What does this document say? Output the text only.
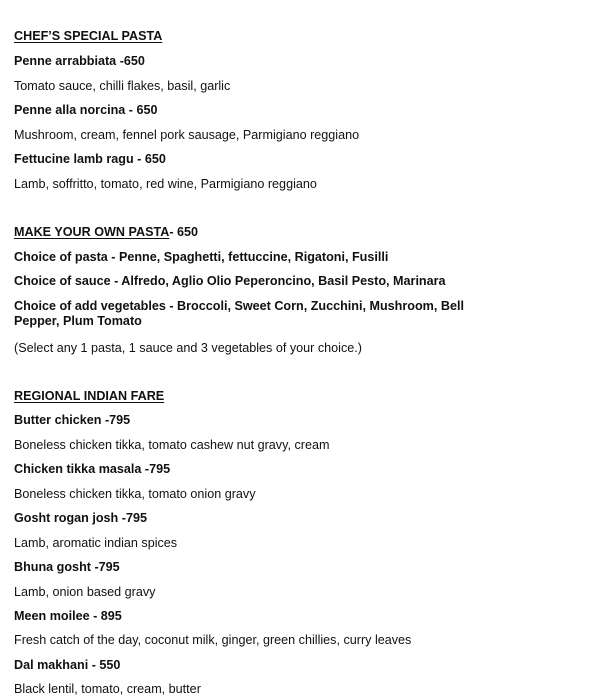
CHEF’S SPECIAL PASTA
Penne arrabbiata -650
Tomato sauce, chilli flakes, basil, garlic
Penne alla norcina - 650
Mushroom, cream, fennel pork sausage, Parmigiano reggiano
Fettucine lamb ragu - 650
Lamb, soffritto, tomato, red wine, Parmigiano reggiano
MAKE YOUR OWN PASTA- 650
Choice of pasta - Penne, Spaghetti, fettuccine, Rigatoni, Fusilli
Choice of sauce - Alfredo, Aglio Olio Peperoncino, Basil Pesto, Marinara
Choice of add vegetables - Broccoli, Sweet Corn, Zucchini, Mushroom, Bell Pepper, Plum Tomato
(Select any 1 pasta, 1 sauce and 3 vegetables of your choice.)
REGIONAL INDIAN FARE
Butter chicken -795
Boneless chicken tikka, tomato cashew nut gravy, cream
Chicken tikka masala -795
Boneless chicken tikka, tomato onion gravy
Gosht rogan josh -795
Lamb, aromatic indian spices
Bhuna gosht -795
Lamb, onion based gravy
Meen moilee - 895
Fresh catch of the day, coconut milk, ginger, green chillies, curry leaves
Dal makhani - 550
Black lentil, tomato, cream, butter
